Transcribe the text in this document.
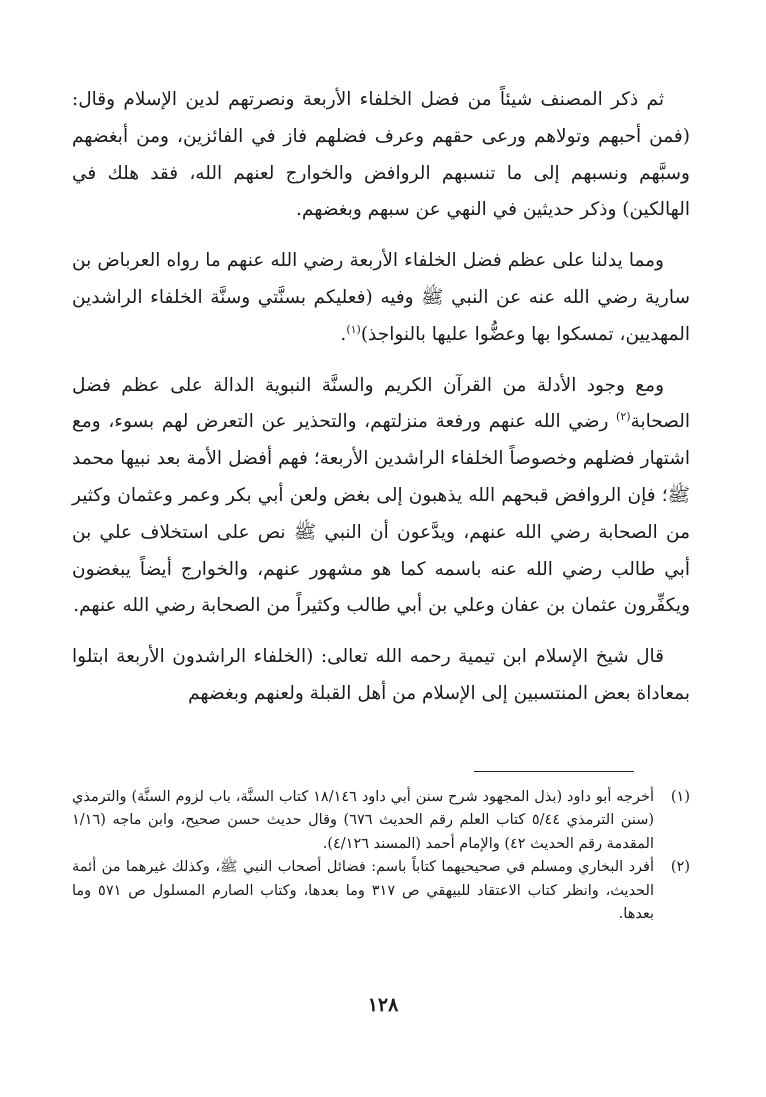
ثم ذكر المصنف شيئاً من فضل الخلفاء الأربعة ونصرتهم لدين الإسلام وقال: (فمن أحبهم وتولاهم ورعى حقهم وعرف فضلهم فاز في الفائزين، ومن أبغضهم وسبَّهم ونسبهم إلى ما تنسبهم الروافض والخوارج لعنهم الله، فقد هلك في الهالكين) وذكر حديثين في النهي عن سبهم وبغضهم.

ومما يدلنا على عظم فضل الخلفاء الأربعة رضي الله عنهم ما رواه العرباض بن سارية رضي الله عنه عن النبي ﷺ وفيه (فعليكم بسنَّتي وسنَّة الخلفاء الراشدين المهديين، تمسكوا بها وعضُّوا عليها بالنواجذ)$^{(١)}$.

ومع وجود الأدلة من القرآن الكريم والسنَّة النبوية الدالة على عظم فضل الصحابة$^{(٢)}$ رضي الله عنهم ورفعة منزلتهم، والتحذير عن التعرض لهم بسوء، ومع اشتهار فضلهم وخصوصاً الخلفاء الراشدين الأربعة؛ فهم أفضل الأمة بعد نبيها محمد ﷺ؛ فإن الروافض قبحهم الله يذهبون إلى بغض ولعن أبي بكر وعمر وعثمان وكثير من الصحابة رضي الله عنهم، ويدَّعون أن النبي ﷺ نص على استخلاف علي بن أبي طالب رضي الله عنه باسمه كما هو مشهور عنهم، والخوارج أيضاً يبغضون ويكفِّرون عثمان بن عفان وعلي بن أبي طالب وكثيراً من الصحابة رضي الله عنهم.

قال شيخ الإسلام ابن تيمية رحمه الله تعالى: (الخلفاء الراشدون الأربعة ابتلوا بمعاداة بعض المنتسبين إلى الإسلام من أهل القبلة ولعنهم وبغضهم

(١)
أخرجه أبو داود (بذل المجهود شرح سنن أبي داود ١٨/١٤٦ كتاب السنَّة، باب لزوم السنَّة) والترمذي (سنن الترمذي ٥/٤٤ كتاب العلم رقم الحديث ٦٧٦) وقال حديث حسن صحيح، وابن ماجه (١/١٦ المقدمة رقم الحديث ٤٢) والإمام أحمد (المسند ٤/١٢٦).

(٢)
أفرد البخاري ومسلم في صحيحيهما كتاباً باسم: فضائل أصحاب النبي ﷺ، وكذلك غيرهما من أئمة الحديث، وانظر كتاب الاعتقاد للبيهقي ص ٣١٧ وما بعدها، وكتاب الصارم المسلول ص ٥٧١ وما بعدها.

١٢٨
